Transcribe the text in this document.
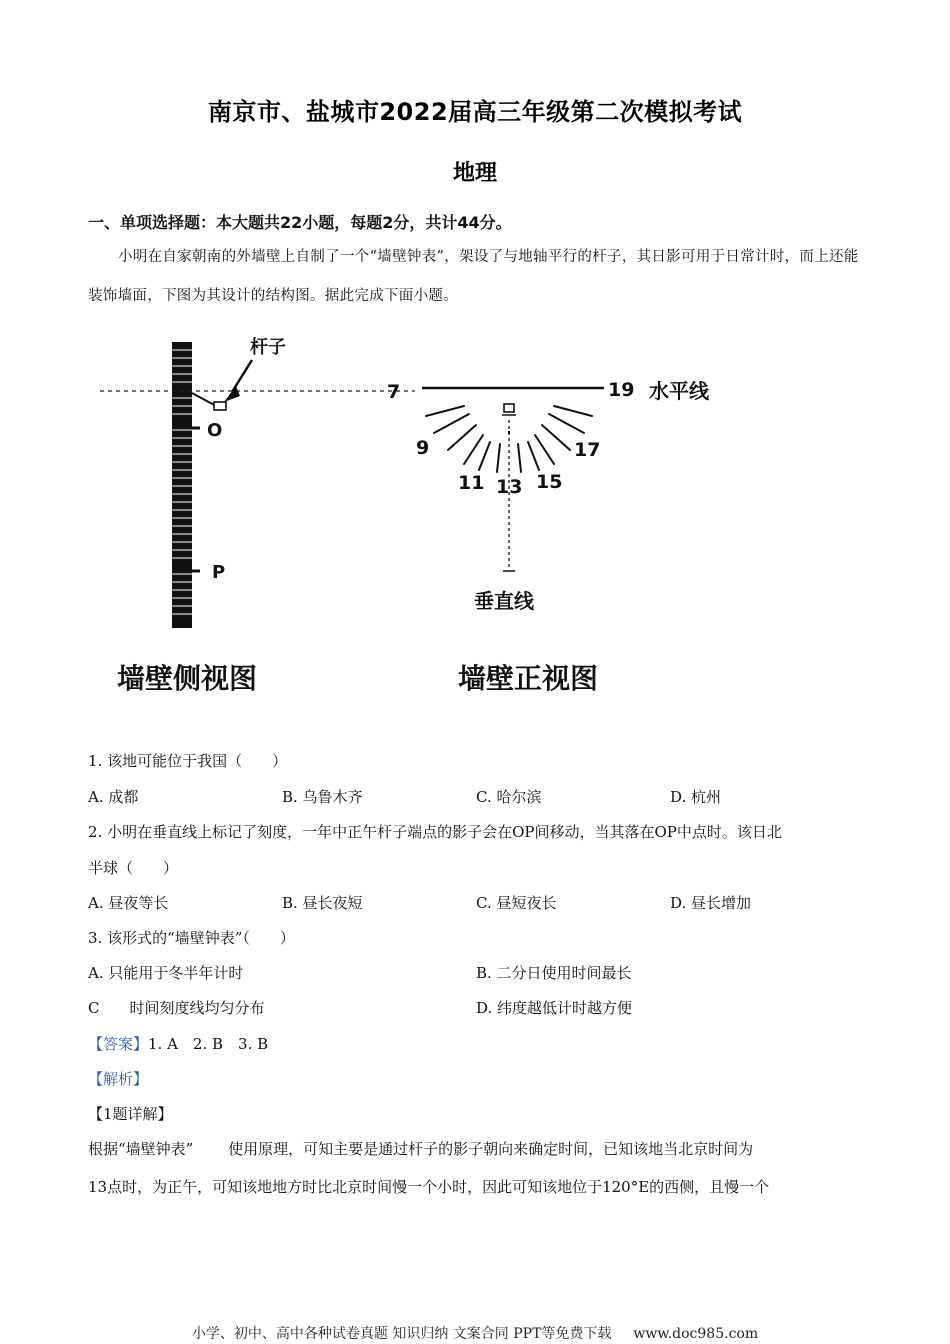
南京市、盐城市2022届高三年级第二次模拟考试
地理
一、单项选择题：本大题共22小题，每题2分，共计44分。
小明在自家朝南的外墙壁上自制了一个“墙壁钟表”，架设了与地轴平行的杆子，其日影可用于日常计时，而上还能装饰墙面，下图为其设计的结构图。据此完成下面小题。
杆子
O
P
7
9
11 13 15
17
19 水平线
垂直线
墙壁侧视图	墙壁正视图
1. 该地可能位于我国（　　）
A. 成都	B. 乌鲁木齐	C. 哈尔滨	D. 杭州
2. 小明在垂直线上标记了刻度，一年中正午杆子端点的影子会在OP间移动，当其落在OP中点时。该日北
半球（　　）
A. 昼夜等长	B. 昼长夜短	C. 昼短夜长	D. 昼长增加
3. 该形式的“墙壁钟表”（　　）
A. 只能用于冬半年计时	B. 二分日使用时间最长
C　　时间刻度线均匀分布	D. 纬度越低计时越方便
【答案】1. A　2. B　3. B
【解析】
【1题详解】
根据“墙壁钟表”　　 使用原理，可知主要是通过杆子的影子朝向来确定时间，已知该地当北京时间为
13点时，为正午，可知该地地方时比北京时间慢一个小时，因此可知该地位于120°E的西侧，且慢一个
小学、初中、高中各种试卷真题 知识归纳 文案合同 PPT等免费下载 www.doc985.com
